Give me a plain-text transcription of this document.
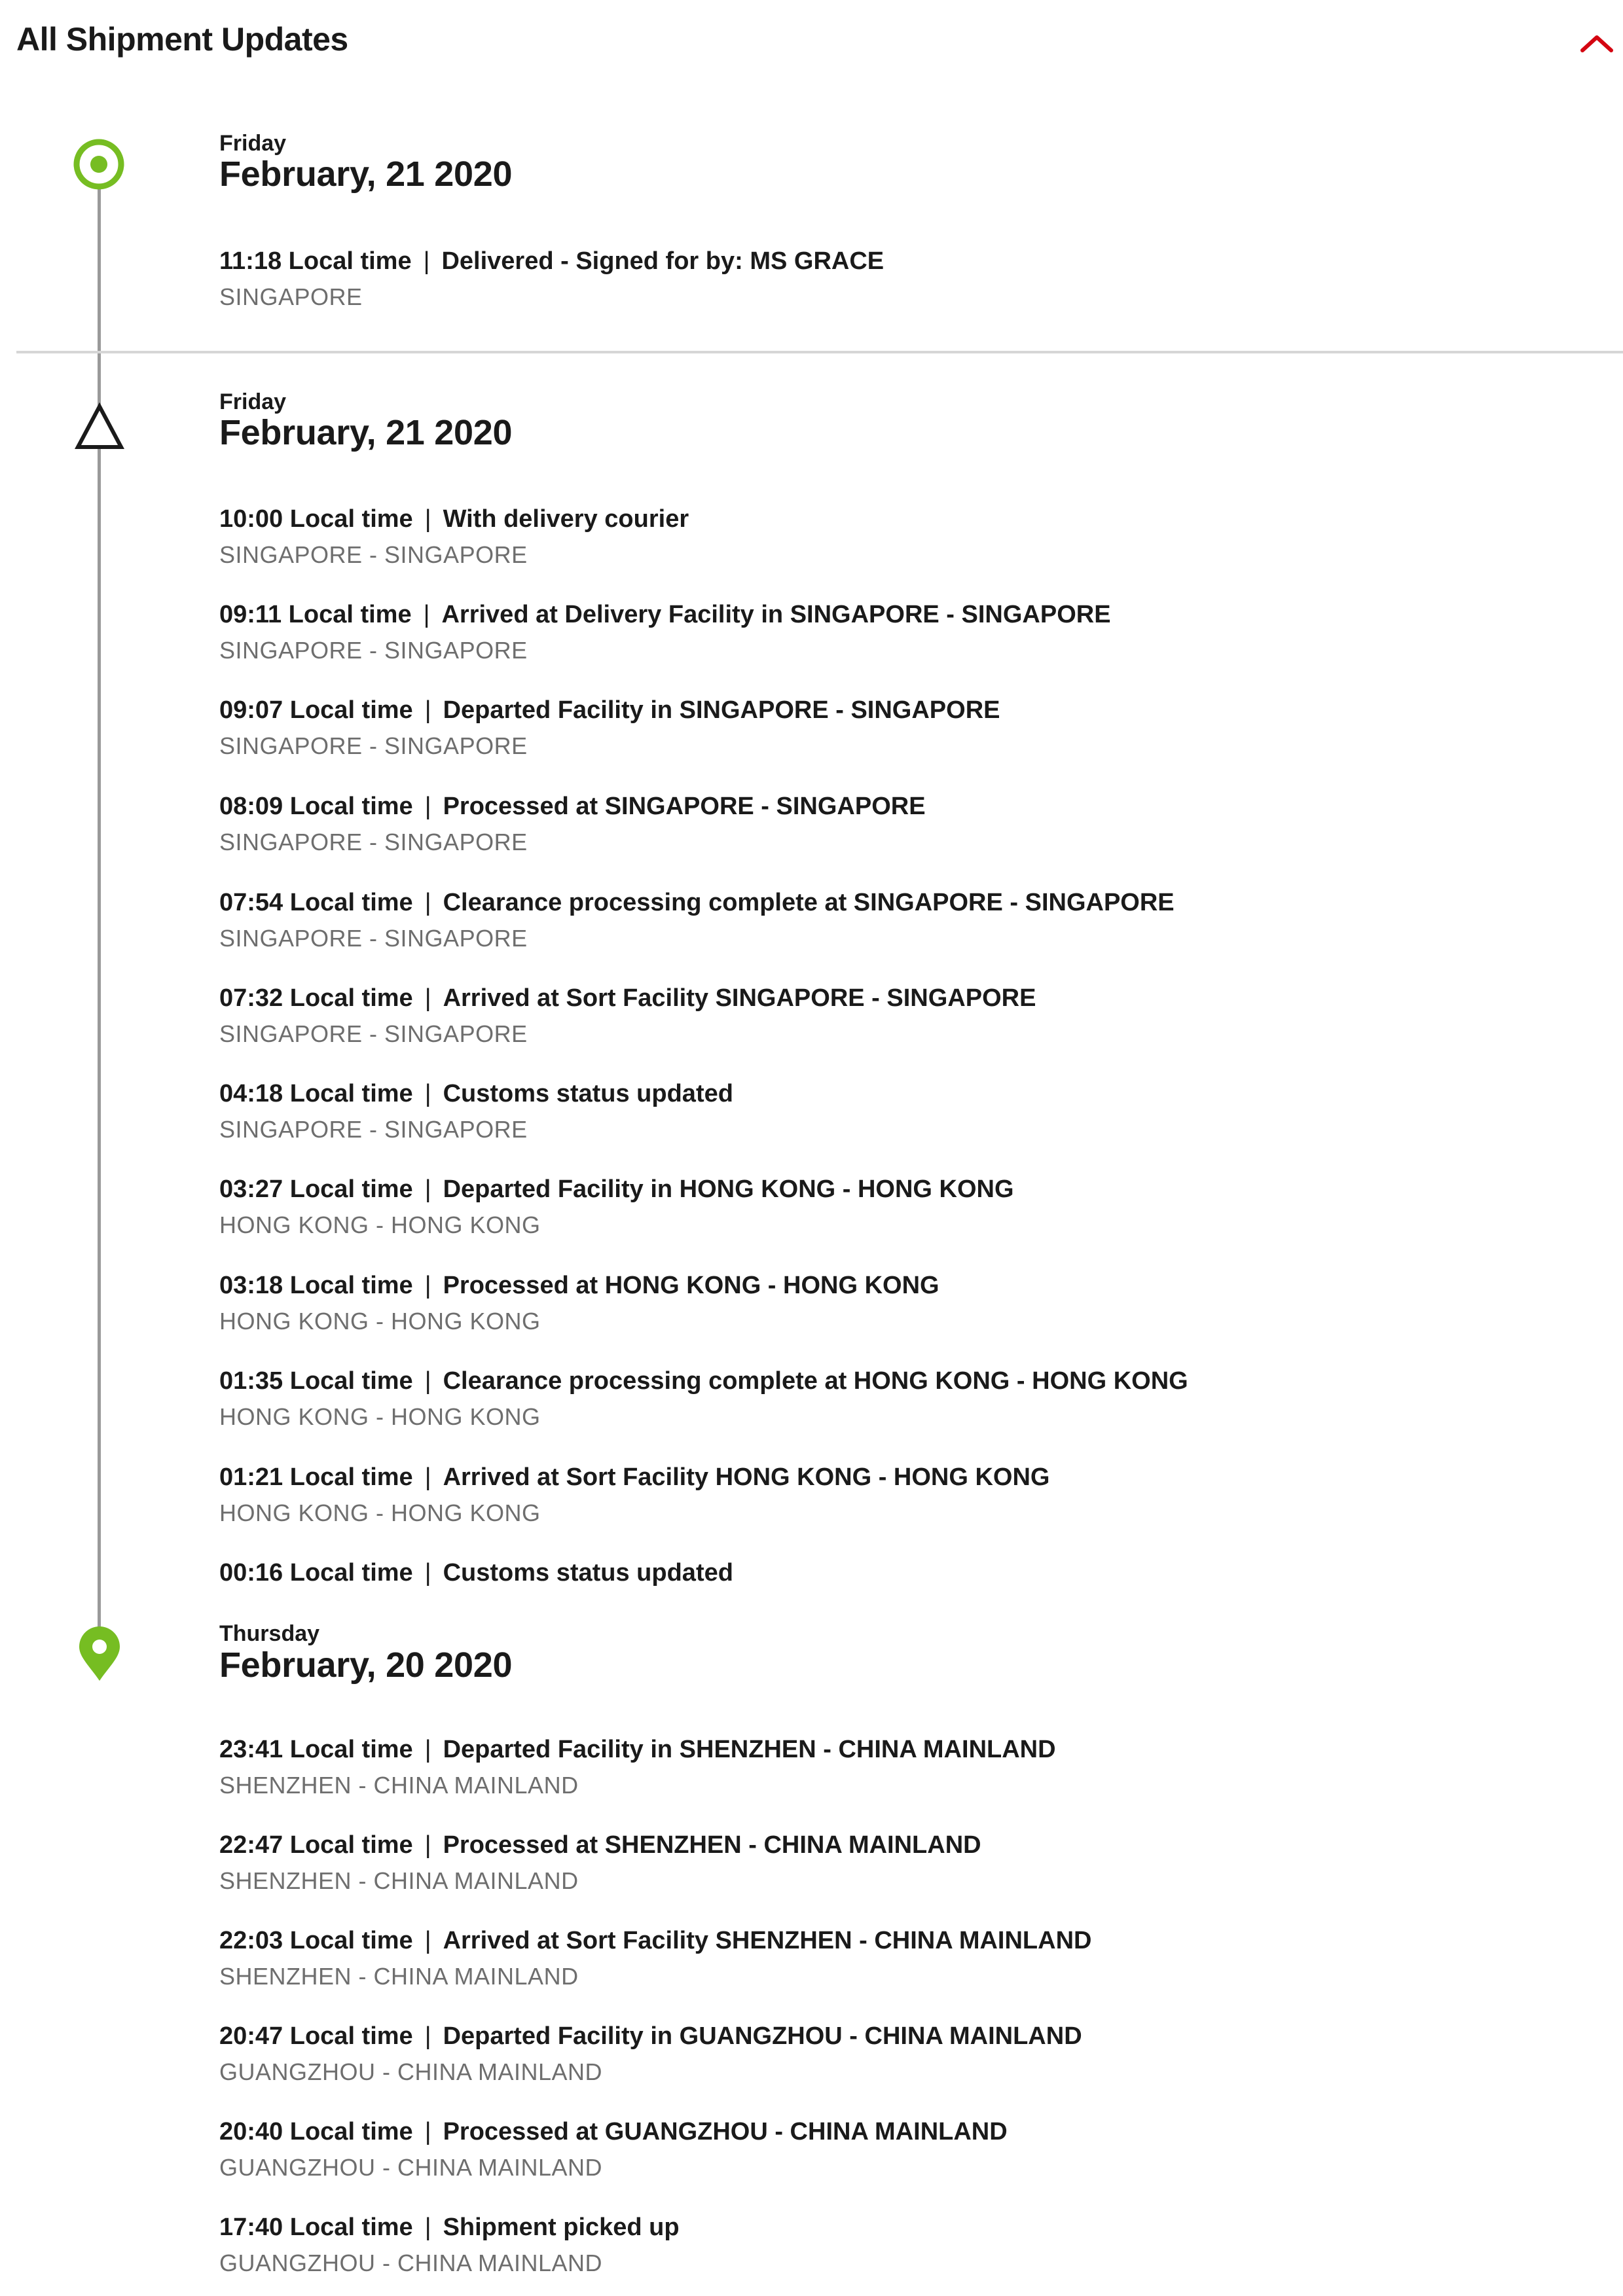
All Shipment Updates
Friday
February, 21 2020
11:18 Local time | Delivered - Signed for by: MS GRACE
SINGAPORE
Friday
February, 21 2020
10:00 Local time | With delivery courier
SINGAPORE - SINGAPORE
09:11 Local time | Arrived at Delivery Facility in SINGAPORE - SINGAPORE
SINGAPORE - SINGAPORE
09:07 Local time | Departed Facility in SINGAPORE - SINGAPORE
SINGAPORE - SINGAPORE
08:09 Local time | Processed at SINGAPORE - SINGAPORE
SINGAPORE - SINGAPORE
07:54 Local time | Clearance processing complete at SINGAPORE - SINGAPORE
SINGAPORE - SINGAPORE
07:32 Local time | Arrived at Sort Facility SINGAPORE - SINGAPORE
SINGAPORE - SINGAPORE
04:18 Local time | Customs status updated
SINGAPORE - SINGAPORE
03:27 Local time | Departed Facility in HONG KONG - HONG KONG
HONG KONG - HONG KONG
03:18 Local time | Processed at HONG KONG - HONG KONG
HONG KONG - HONG KONG
01:35 Local time | Clearance processing complete at HONG KONG - HONG KONG
HONG KONG - HONG KONG
01:21 Local time | Arrived at Sort Facility HONG KONG - HONG KONG
HONG KONG - HONG KONG
00:16 Local time | Customs status updated
Thursday
February, 20 2020
23:41 Local time | Departed Facility in SHENZHEN - CHINA MAINLAND
SHENZHEN - CHINA MAINLAND
22:47 Local time | Processed at SHENZHEN - CHINA MAINLAND
SHENZHEN - CHINA MAINLAND
22:03 Local time | Arrived at Sort Facility SHENZHEN - CHINA MAINLAND
SHENZHEN - CHINA MAINLAND
20:47 Local time | Departed Facility in GUANGZHOU - CHINA MAINLAND
GUANGZHOU - CHINA MAINLAND
20:40 Local time | Processed at GUANGZHOU - CHINA MAINLAND
GUANGZHOU - CHINA MAINLAND
17:40 Local time | Shipment picked up
GUANGZHOU - CHINA MAINLAND
